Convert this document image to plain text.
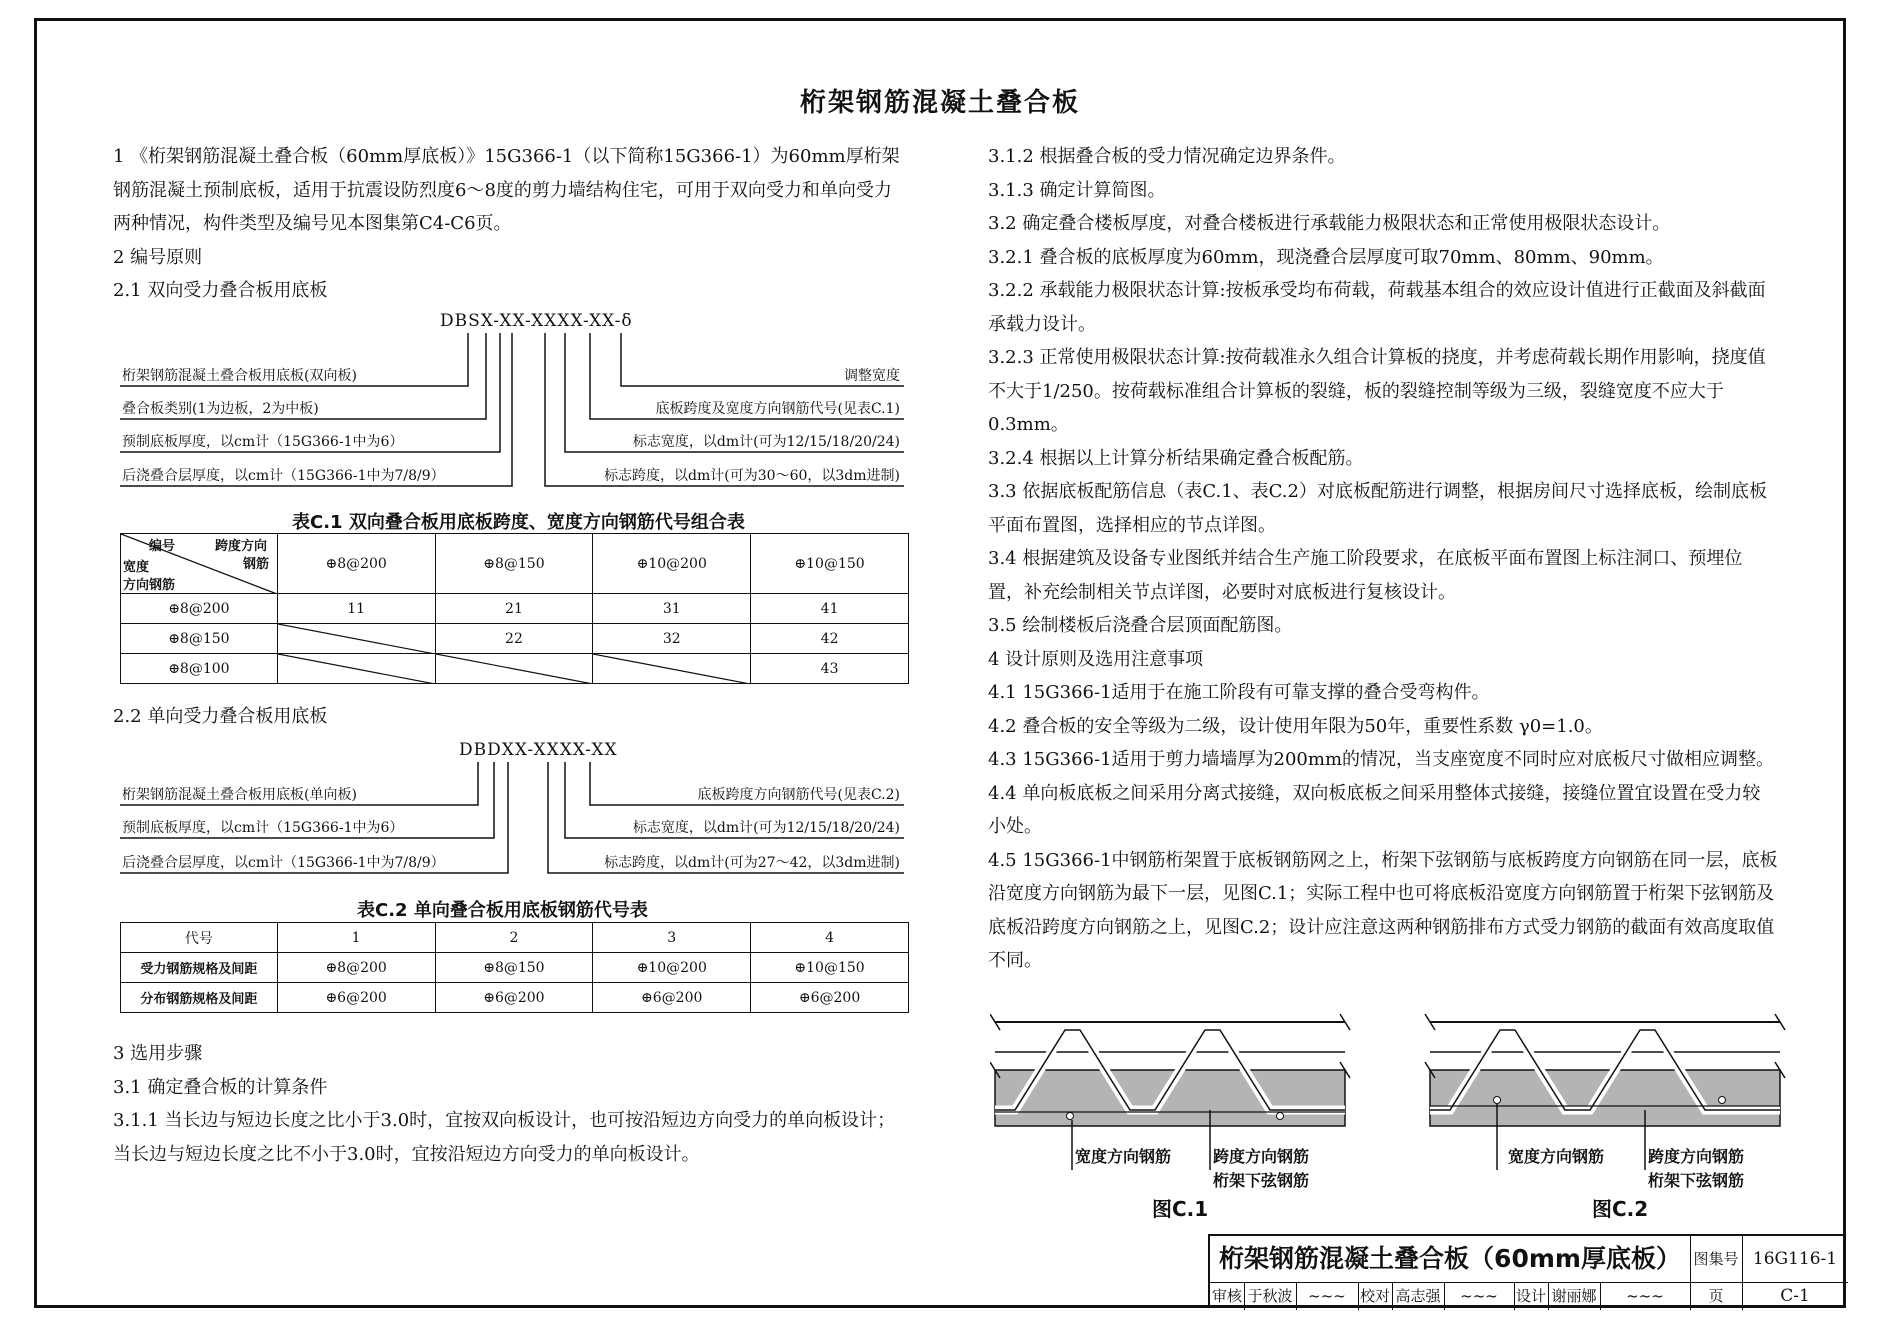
桁架钢筋混凝土叠合板

1 《桁架钢筋混凝土叠合板（60mm厚底板）》15G366-1（以下简称15G366-1）为60mm厚桁架钢筋混凝土预制底板，适用于抗震设防烈度6～8度的剪力墙结构住宅，可用于双向受力和单向受力两种情况，构件类型及编号见本图集第C4-C6页。

2 编号原则

2.1 双向受力叠合板用底板

DBSX-XX-XXXX-XX-δ
桁架钢筋混凝土叠合板用底板(双向板)
叠合板类别(1为边板，2为中板)
预制底板厚度，以cm计（15G366-1中为6）
后浇叠合层厚度，以cm计（15G366-1中为7/8/9）
调整宽度
底板跨度及宽度方向钢筋代号(见表C.1)
标志宽度，以dm计(可为12/15/18/20/24)
标志跨度，以dm计(可为30～60，以3dm进制)
表C.1 双向叠合板用底板跨度、宽度方向钢筋代号组合表
编号 跨度方向
钢筋
宽度
方向钢筋	⊕8@200	⊕8@150	⊕10@200	⊕10@150
⊕8@200	11	21	31	41
⊕8@150		22	32	42
⊕8@100				43
2.2 单向受力叠合板用底板
DBDXX-XXXX-XX
桁架钢筋混凝土叠合板用底板(单向板)
预制底板厚度，以cm计（15G366-1中为6）
后浇叠合层厚度，以cm计（15G366-1中为7/8/9）
底板跨度方向钢筋代号(见表C.2)
标志宽度，以dm计(可为12/15/18/20/24)
标志跨度，以dm计(可为27～42，以3dm进制)
表C.2 单向叠合板用底板钢筋代号表
代号	1	2	3	4
受力钢筋规格及间距	⊕8@200	⊕8@150	⊕10@200	⊕10@150
分布钢筋规格及间距	⊕6@200	⊕6@200	⊕6@200	⊕6@200

3 选用步骤

3.1 确定叠合板的计算条件

3.1.1 当长边与短边长度之比小于3.0时，宜按双向板设计，也可按沿短边方向受力的单向板设计；当长边与短边长度之比不小于3.0时，宜按沿短边方向受力的单向板设计。

3.1.2 根据叠合板的受力情况确定边界条件。

3.1.3 确定计算简图。

3.2 确定叠合楼板厚度，对叠合楼板进行承载能力极限状态和正常使用极限状态设计。

3.2.1 叠合板的底板厚度为60mm，现浇叠合层厚度可取70mm、80mm、90mm。

3.2.2 承载能力极限状态计算:按板承受均布荷载，荷载基本组合的效应设计值进行正截面及斜截面承载力设计。

3.2.3 正常使用极限状态计算:按荷载准永久组合计算板的挠度，并考虑荷载长期作用影响，挠度值不大于1/250。按荷载标准组合计算板的裂缝，板的裂缝控制等级为三级，裂缝宽度不应大于0.3mm。

3.2.4 根据以上计算分析结果确定叠合板配筋。

3.3 依据底板配筋信息（表C.1、表C.2）对底板配筋进行调整，根据房间尺寸选择底板，绘制底板平面布置图，选择相应的节点详图。

3.4 根据建筑及设备专业图纸并结合生产施工阶段要求，在底板平面布置图上标注洞口、预埋位置，补充绘制相关节点详图，必要时对底板进行复核设计。

3.5 绘制楼板后浇叠合层顶面配筋图。

4 设计原则及选用注意事项

4.1 15G366-1适用于在施工阶段有可靠支撑的叠合受弯构件。

4.2 叠合板的安全等级为二级，设计使用年限为50年，重要性系数 γ0=1.0。

4.3 15G366-1适用于剪力墙墙厚为200mm的情况，当支座宽度不同时应对底板尺寸做相应调整。

4.4 单向板底板之间采用分离式接缝，双向板底板之间采用整体式接缝，接缝位置宜设置在受力较小处。

4.5 15G366-1中钢筋桁架置于底板钢筋网之上，桁架下弦钢筋与底板跨度方向钢筋在同一层，底板沿宽度方向钢筋为最下一层，见图C.1；实际工程中也可将底板沿宽度方向钢筋置于桁架下弦钢筋及底板沿跨度方向钢筋之上，见图C.2；设计应注意这两种钢筋排布方式受力钢筋的截面有效高度取值不同。

宽度方向钢筋	跨度方向钢筋
桁架下弦钢筋
图C.1
宽度方向钢筋	跨度方向钢筋
桁架下弦钢筋
图C.2
桁架钢筋混凝土叠合板（60mm厚底板） 图集号 16G116-1
审核 于秋波	~~~ 校对 高志强	~~~	设计 谢丽娜	~~~	页	C-1
